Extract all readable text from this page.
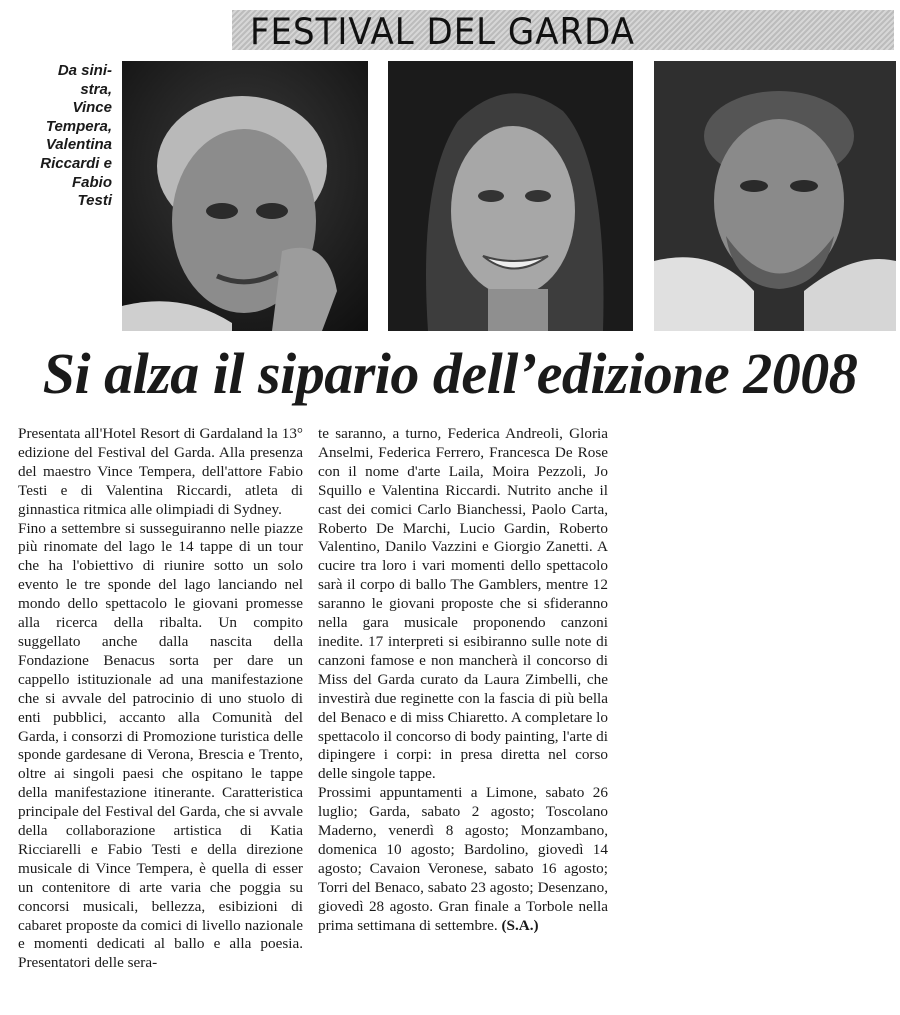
FESTIVAL DEL GARDA
Da sini-
stra,
Vince
Tempera,
Valentina
Riccardi e
Fabio
Testi
Si alza il sipario dell’edizione 2008

Presentata all'Hotel Resort di Gardaland la 13° edizione del Festival del Garda. Alla presenza del maestro Vince Tempera, dell'attore Fabio Testi e di Valentina Riccardi, atleta di ginnastica ritmica alle olimpiadi di Sydney.

Fino a settembre si susseguiranno nelle piazze più rinomate del lago le 14 tappe di un tour che ha l'obiettivo di riunire sotto un solo evento le tre sponde del lago lanciando nel mondo dello spettacolo le giovani promesse alla ricerca della ribalta. Un compito suggellato anche dalla nascita della Fondazione Benacus sorta per dare un cappello istituzionale ad una manifestazione che si avvale del patrocinio di uno stuolo di enti pubblici, accanto alla Comunità del Garda, i consorzi di Promozione turistica delle sponde gardesane di Verona, Brescia e Trento, oltre ai singoli paesi che ospitano le tappe della manifestazione itinerante. Caratteristica principale del Festival del Garda, che si avvale della collaborazione artistica di Katia Ricciarelli e Fabio Testi e della direzione musicale di Vince Tempera, è quella di esser un contenitore di arte varia che poggia su concorsi musicali, bellezza, esibizioni di cabaret proposte da comici di livello nazionale e momenti dedicati al ballo e alla poesia. Presentatori delle sera-

te saranno, a turno, Federica Andreoli, Gloria Anselmi, Federica Ferrero, Francesca De Rose con il nome d'arte Laila, Moira Pezzoli, Jo Squillo e Valentina Riccardi. Nutrito anche il cast dei comici Carlo Bianchessi, Paolo Carta, Roberto De Marchi, Lucio Gardin, Roberto Valentino, Danilo Vazzini e Giorgio Zanetti. A cucire tra loro i vari momenti dello spettacolo sarà il corpo di ballo The Gamblers, mentre 12 saranno le giovani proposte che si sfideranno nella gara musicale proponendo canzoni inedite. 17 interpreti si esibiranno sulle note di canzoni famose e non mancherà il concorso di Miss del Garda curato da Laura Zimbelli, che investirà due reginette con la fascia di più bella del Benaco e di miss Chiaretto. A completare lo spettacolo il concorso di body painting, l'arte di dipingere i corpi: in presa diretta nel corso delle singole tappe.

Prossimi appuntamenti a Limone, sabato 26 luglio; Garda, sabato 2 agosto; Toscolano Maderno, venerdì 8 agosto; Monzambano, domenica 10 agosto; Bardolino, giovedì 14 agosto; Cavaion Veronese, sabato 16 agosto; Torri del Benaco, sabato 23 agosto; Desenzano, giovedì 28 agosto. Gran finale a Torbole nella prima settimana di settembre. (S.A.)
